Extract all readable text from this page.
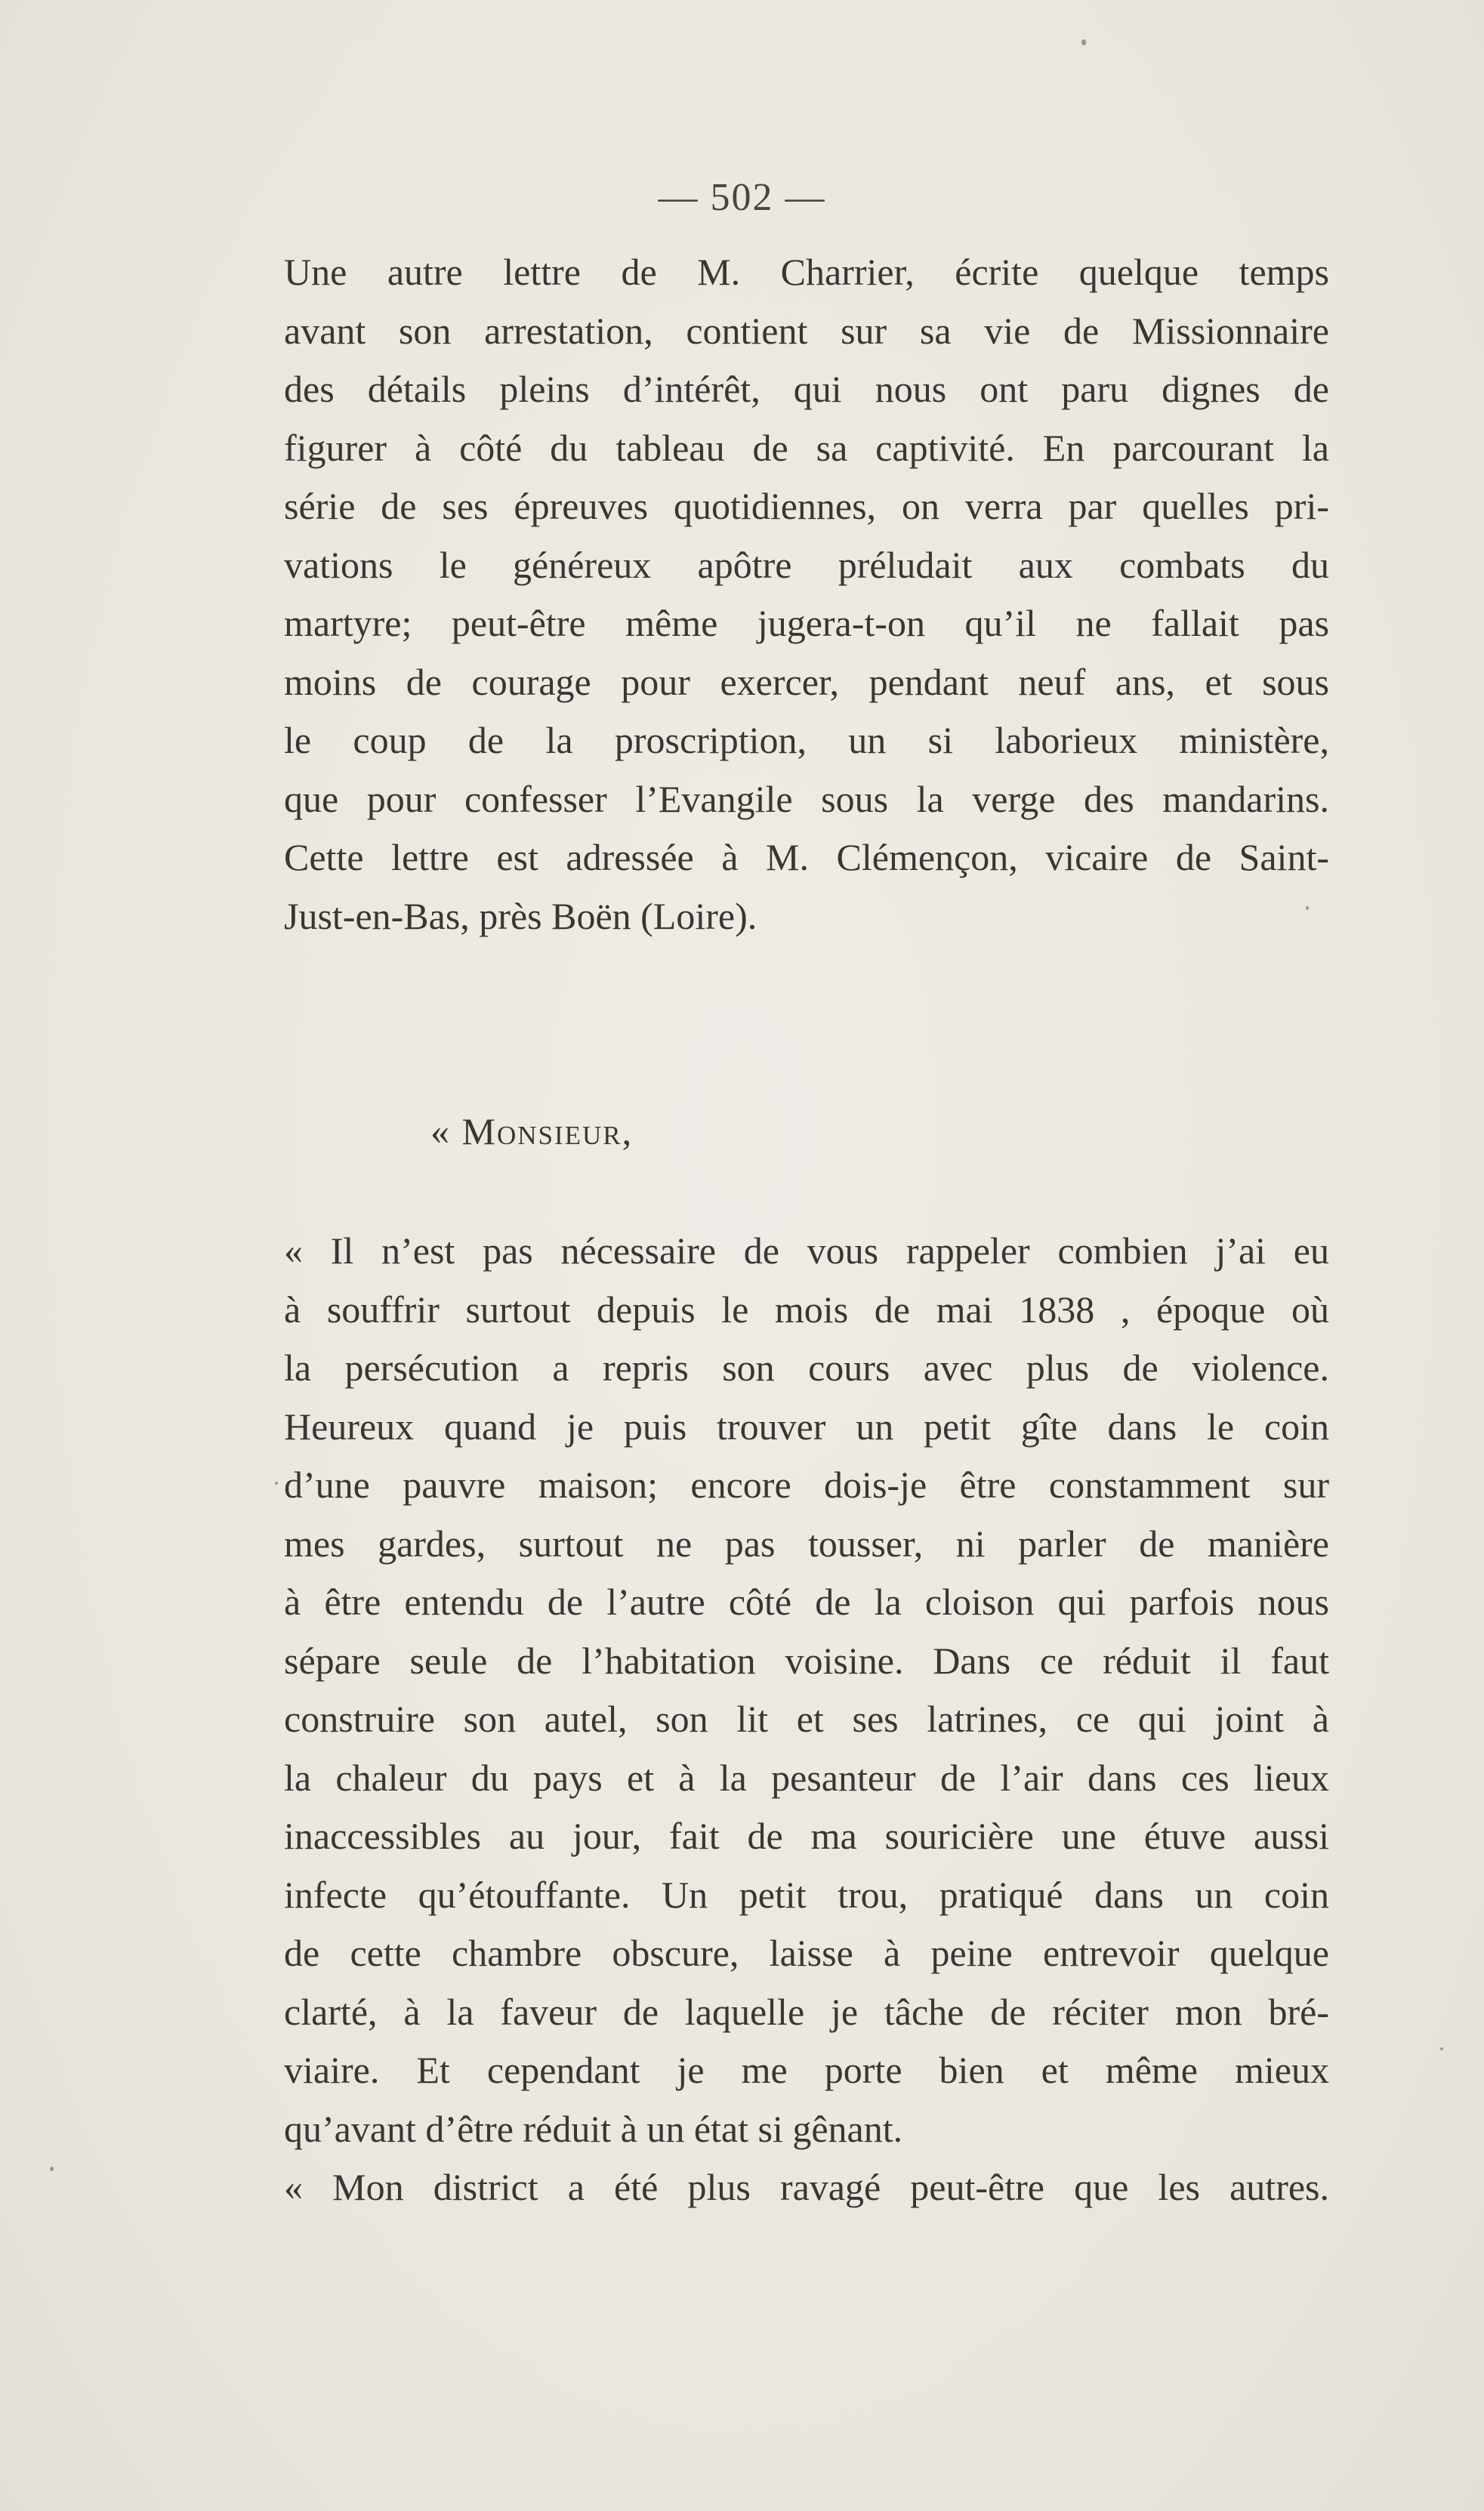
— 502 —
Une autre lettre de M. Charrier, écrite quelque temps
avant son arrestation, contient sur sa vie de Missionnaire
des détails pleins d’intérêt, qui nous ont paru dignes de
figurer à côté du tableau de sa captivité. En parcourant la
série de ses épreuves quotidiennes, on verra par quelles pri-
vations le généreux apôtre préludait aux combats du
martyre; peut-être même jugera-t-on qu’il ne fallait pas
moins de courage pour exercer, pendant neuf ans, et sous
le coup de la proscription, un si laborieux ministère,
que pour confesser l’Evangile sous la verge des mandarins.
Cette lettre est adressée à M. Clémençon, vicaire de Saint-
Just-en-Bas, près Boën (Loire).
« Monsieur,
« Il n’est pas nécessaire de vous rappeler combien j’ai eu
à souffrir surtout depuis le mois de mai 1838 , époque où
la persécution a repris son cours avec plus de violence.
Heureux quand je puis trouver un petit gîte dans le coin
d’une pauvre maison; encore dois-je être constamment sur
mes gardes, surtout ne pas tousser, ni parler de manière
à être entendu de l’autre côté de la cloison qui parfois nous
sépare seule de l’habitation voisine. Dans ce réduit il faut
construire son autel, son lit et ses latrines, ce qui joint à
la chaleur du pays et à la pesanteur de l’air dans ces lieux
inaccessibles au jour, fait de ma souricière une étuve aussi
infecte qu’étouffante. Un petit trou, pratiqué dans un coin
de cette chambre obscure, laisse à peine entrevoir quelque
clarté, à la faveur de laquelle je tâche de réciter mon bré-
viaire. Et cependant je me porte bien et même mieux
qu’avant d’être réduit à un état si gênant.
« Mon district a été plus ravagé peut-être que les autres.
